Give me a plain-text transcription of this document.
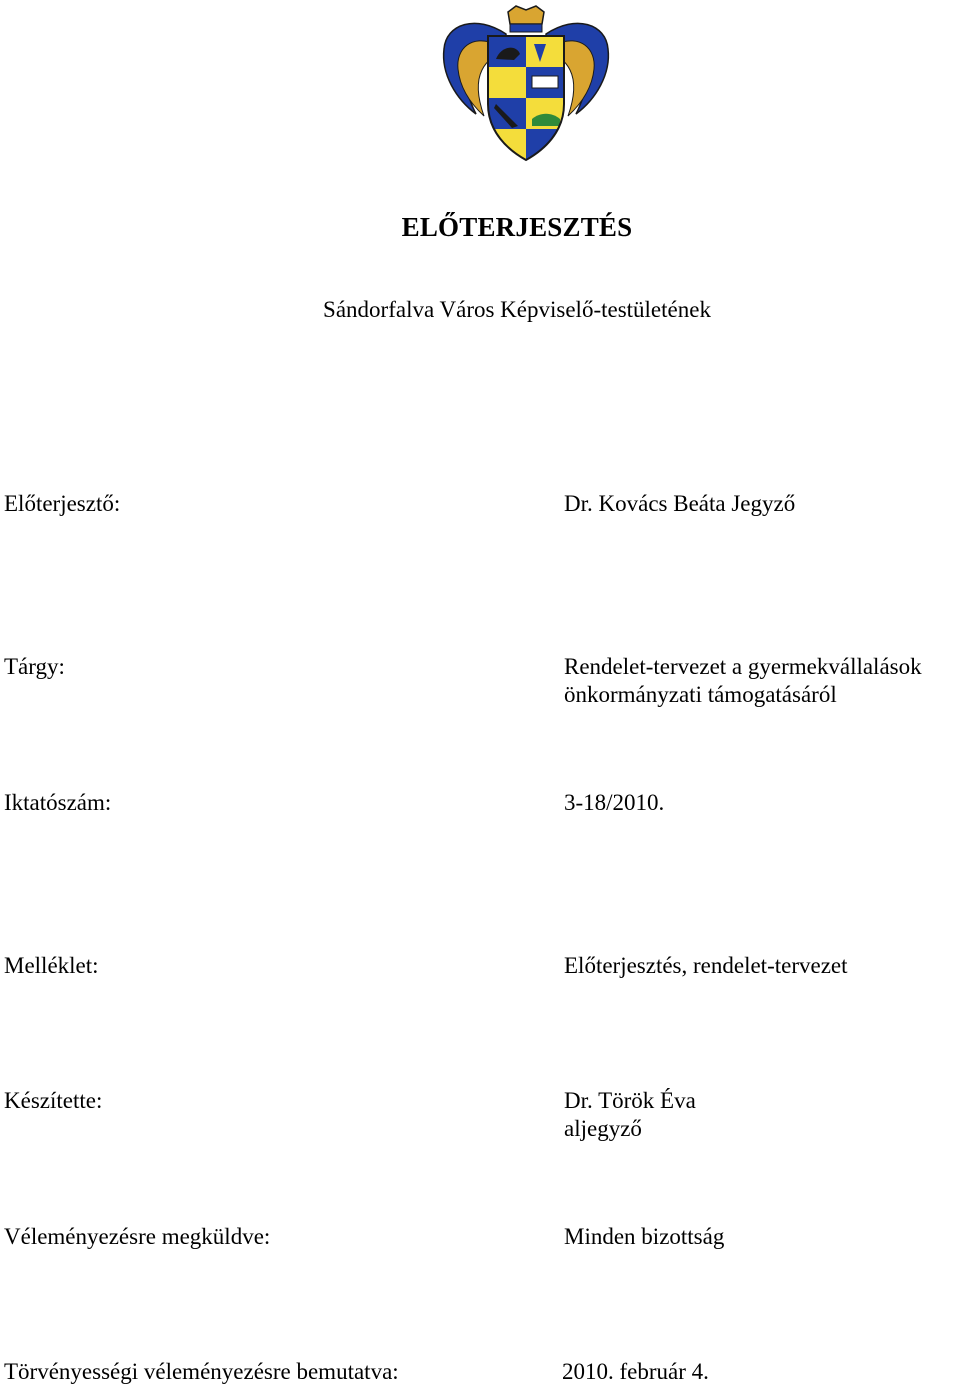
ELŐTERJESZTÉS
Sándorfalva Város Képviselő-testületének
Előterjesztő:	Dr. Kovács Beáta Jegyző
Tárgy:	Rendelet-tervezet a gyermekvállalások
önkormányzati támogatásáról
Iktatószám:	3-18/2010.
Melléklet:	Előterjesztés, rendelet-tervezet
Készítette:	Dr. Török Éva
aljegyző
Véleményezésre megküldve:	Minden bizottság
Törvényességi véleményezésre bemutatva:	2010. február 4.
